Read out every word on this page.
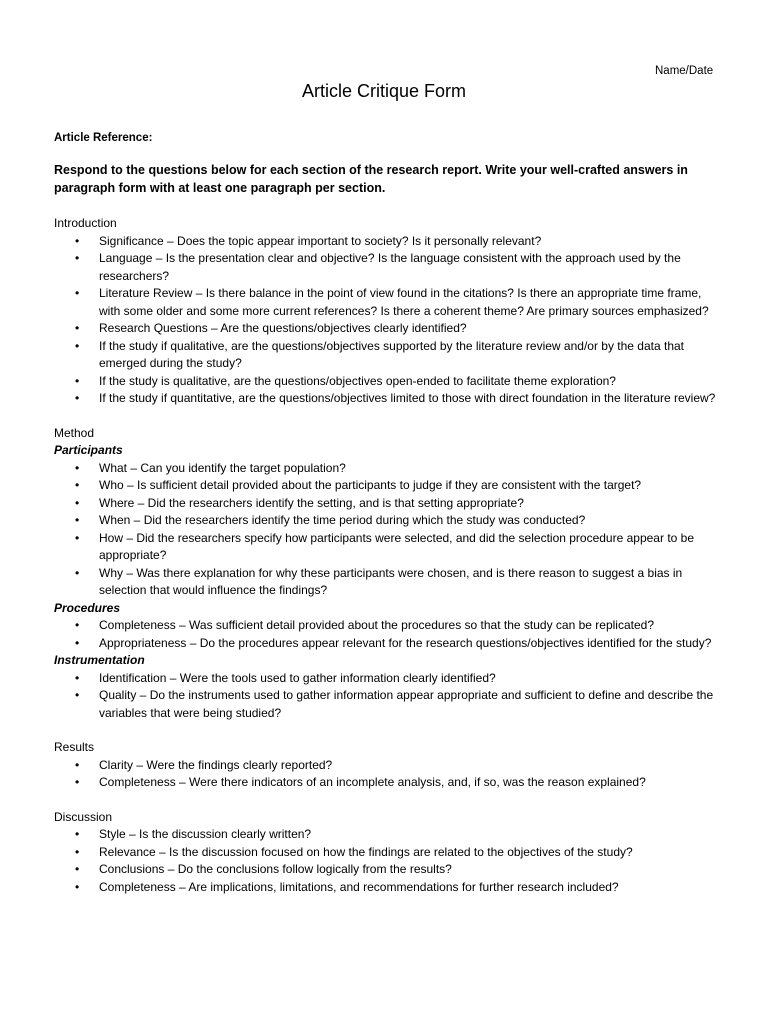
Name/Date
Article Critique Form
Article Reference:
Respond to the questions below for each section of the research report. Write your well-crafted answers in paragraph form with at least one paragraph per section.
Introduction
• Significance – Does the topic appear important to society? Is it personally relevant?
• Language – Is the presentation clear and objective? Is the language consistent with the approach used by the researchers?
• Literature Review – Is there balance in the point of view found in the citations? Is there an appropriate time frame, with some older and some more current references? Is there a coherent theme? Are primary sources emphasized?
• Research Questions – Are the questions/objectives clearly identified?
• If the study if qualitative, are the questions/objectives supported by the literature review and/or by the data that emerged during the study?
• If the study is qualitative, are the questions/objectives open-ended to facilitate theme exploration?
• If the study if quantitative, are the questions/objectives limited to those with direct foundation in the literature review?
Method
Participants
• What – Can you identify the target population?
• Who – Is sufficient detail provided about the participants to judge if they are consistent with the target?
• Where – Did the researchers identify the setting, and is that setting appropriate?
• When – Did the researchers identify the time period during which the study was conducted?
• How – Did the researchers specify how participants were selected, and did the selection procedure appear to be appropriate?
• Why – Was there explanation for why these participants were chosen, and is there reason to suggest a bias in selection that would influence the findings?
Procedures
• Completeness – Was sufficient detail provided about the procedures so that the study can be replicated?
• Appropriateness – Do the procedures appear relevant for the research questions/objectives identified for the study?
Instrumentation
• Identification – Were the tools used to gather information clearly identified?
• Quality – Do the instruments used to gather information appear appropriate and sufficient to define and describe the variables that were being studied?
Results
• Clarity – Were the findings clearly reported?
• Completeness – Were there indicators of an incomplete analysis, and, if so, was the reason explained?
Discussion
• Style – Is the discussion clearly written?
• Relevance – Is the discussion focused on how the findings are related to the objectives of the study?
• Conclusions – Do the conclusions follow logically from the results?
• Completeness – Are implications, limitations, and recommendations for further research included?
